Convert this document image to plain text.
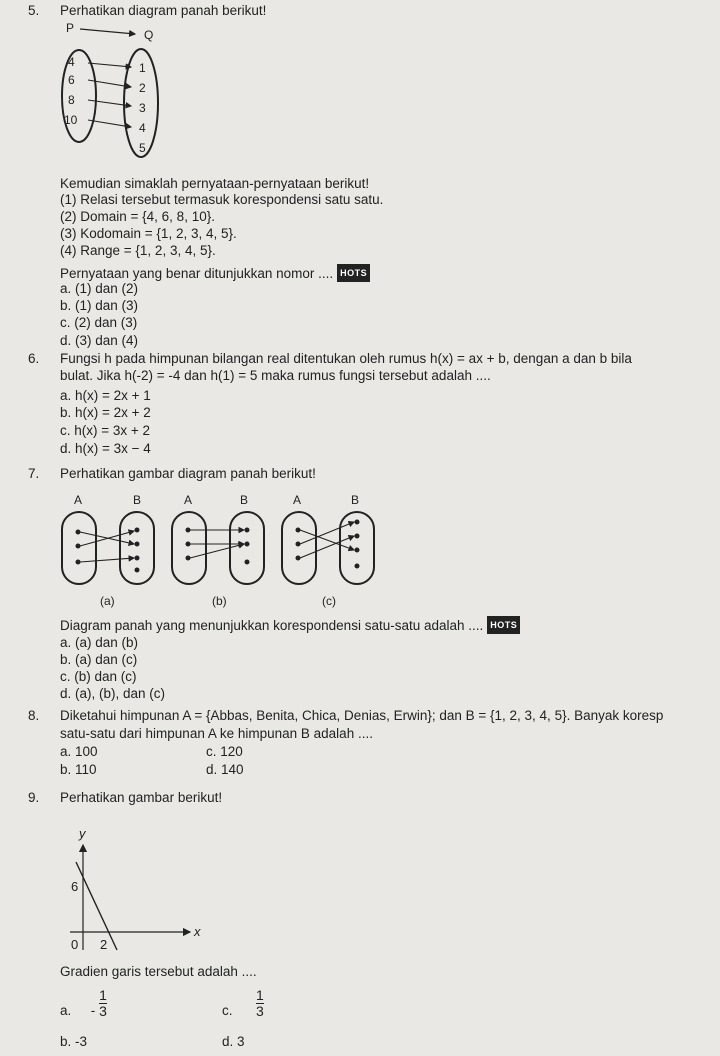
5. Perhatikan diagram panah berikut!
P	Q
4
6
8
10
1
2
3
4
5
Kemudian simaklah pernyataan-pernyataan berikut!
(1) Relasi tersebut termasuk korespondensi satu satu.
(2) Domain = {4, 6, 8, 10}.
(3) Kodomain = {1, 2, 3, 4, 5}.
(4) Range = {1, 2, 3, 4, 5}.
Pernyataan yang benar ditunjukkan nomor .... HOTS
a. (1) dan (2)
b. (1) dan (3)
c. (2) dan (3)
d. (3) dan (4)
6. Fungsi h pada himpunan bilangan real ditentukan oleh rumus h(x) = ax + b, dengan a dan b bila
bulat. Jika h(-2) = -4 dan h(1) = 5 maka rumus fungsi tersebut adalah ....
a. h(x) = 2x + 1
b. h(x) = 2x + 2
c. h(x) = 3x + 2
d. h(x) = 3x − 4
7. Perhatikan gambar diagram panah berikut!
A	B	A	B	A	B
(a)	(b)	(c)
Diagram panah yang menunjukkan korespondensi satu-satu adalah .... HOTS
a. (a) dan (b)
b. (a) dan (c)
c. (b) dan (c)
d. (a), (b), dan (c)
8. Diketahui himpunan A = {Abbas, Benita, Chica, Denias, Erwin}; dan B = {1, 2, 3, 4, 5}. Banyak koresp
satu-satu dari himpunan A ke himpunan B adalah ....
a. 100
b. 110
c. 120
d. 140
9. Perhatikan gambar berikut!
y
x
6
0 2
Gradien garis tersebut adalah ....
a. - $\frac{1}{3}$	c. $\frac{1}{3}$
b. -3	d. 3
